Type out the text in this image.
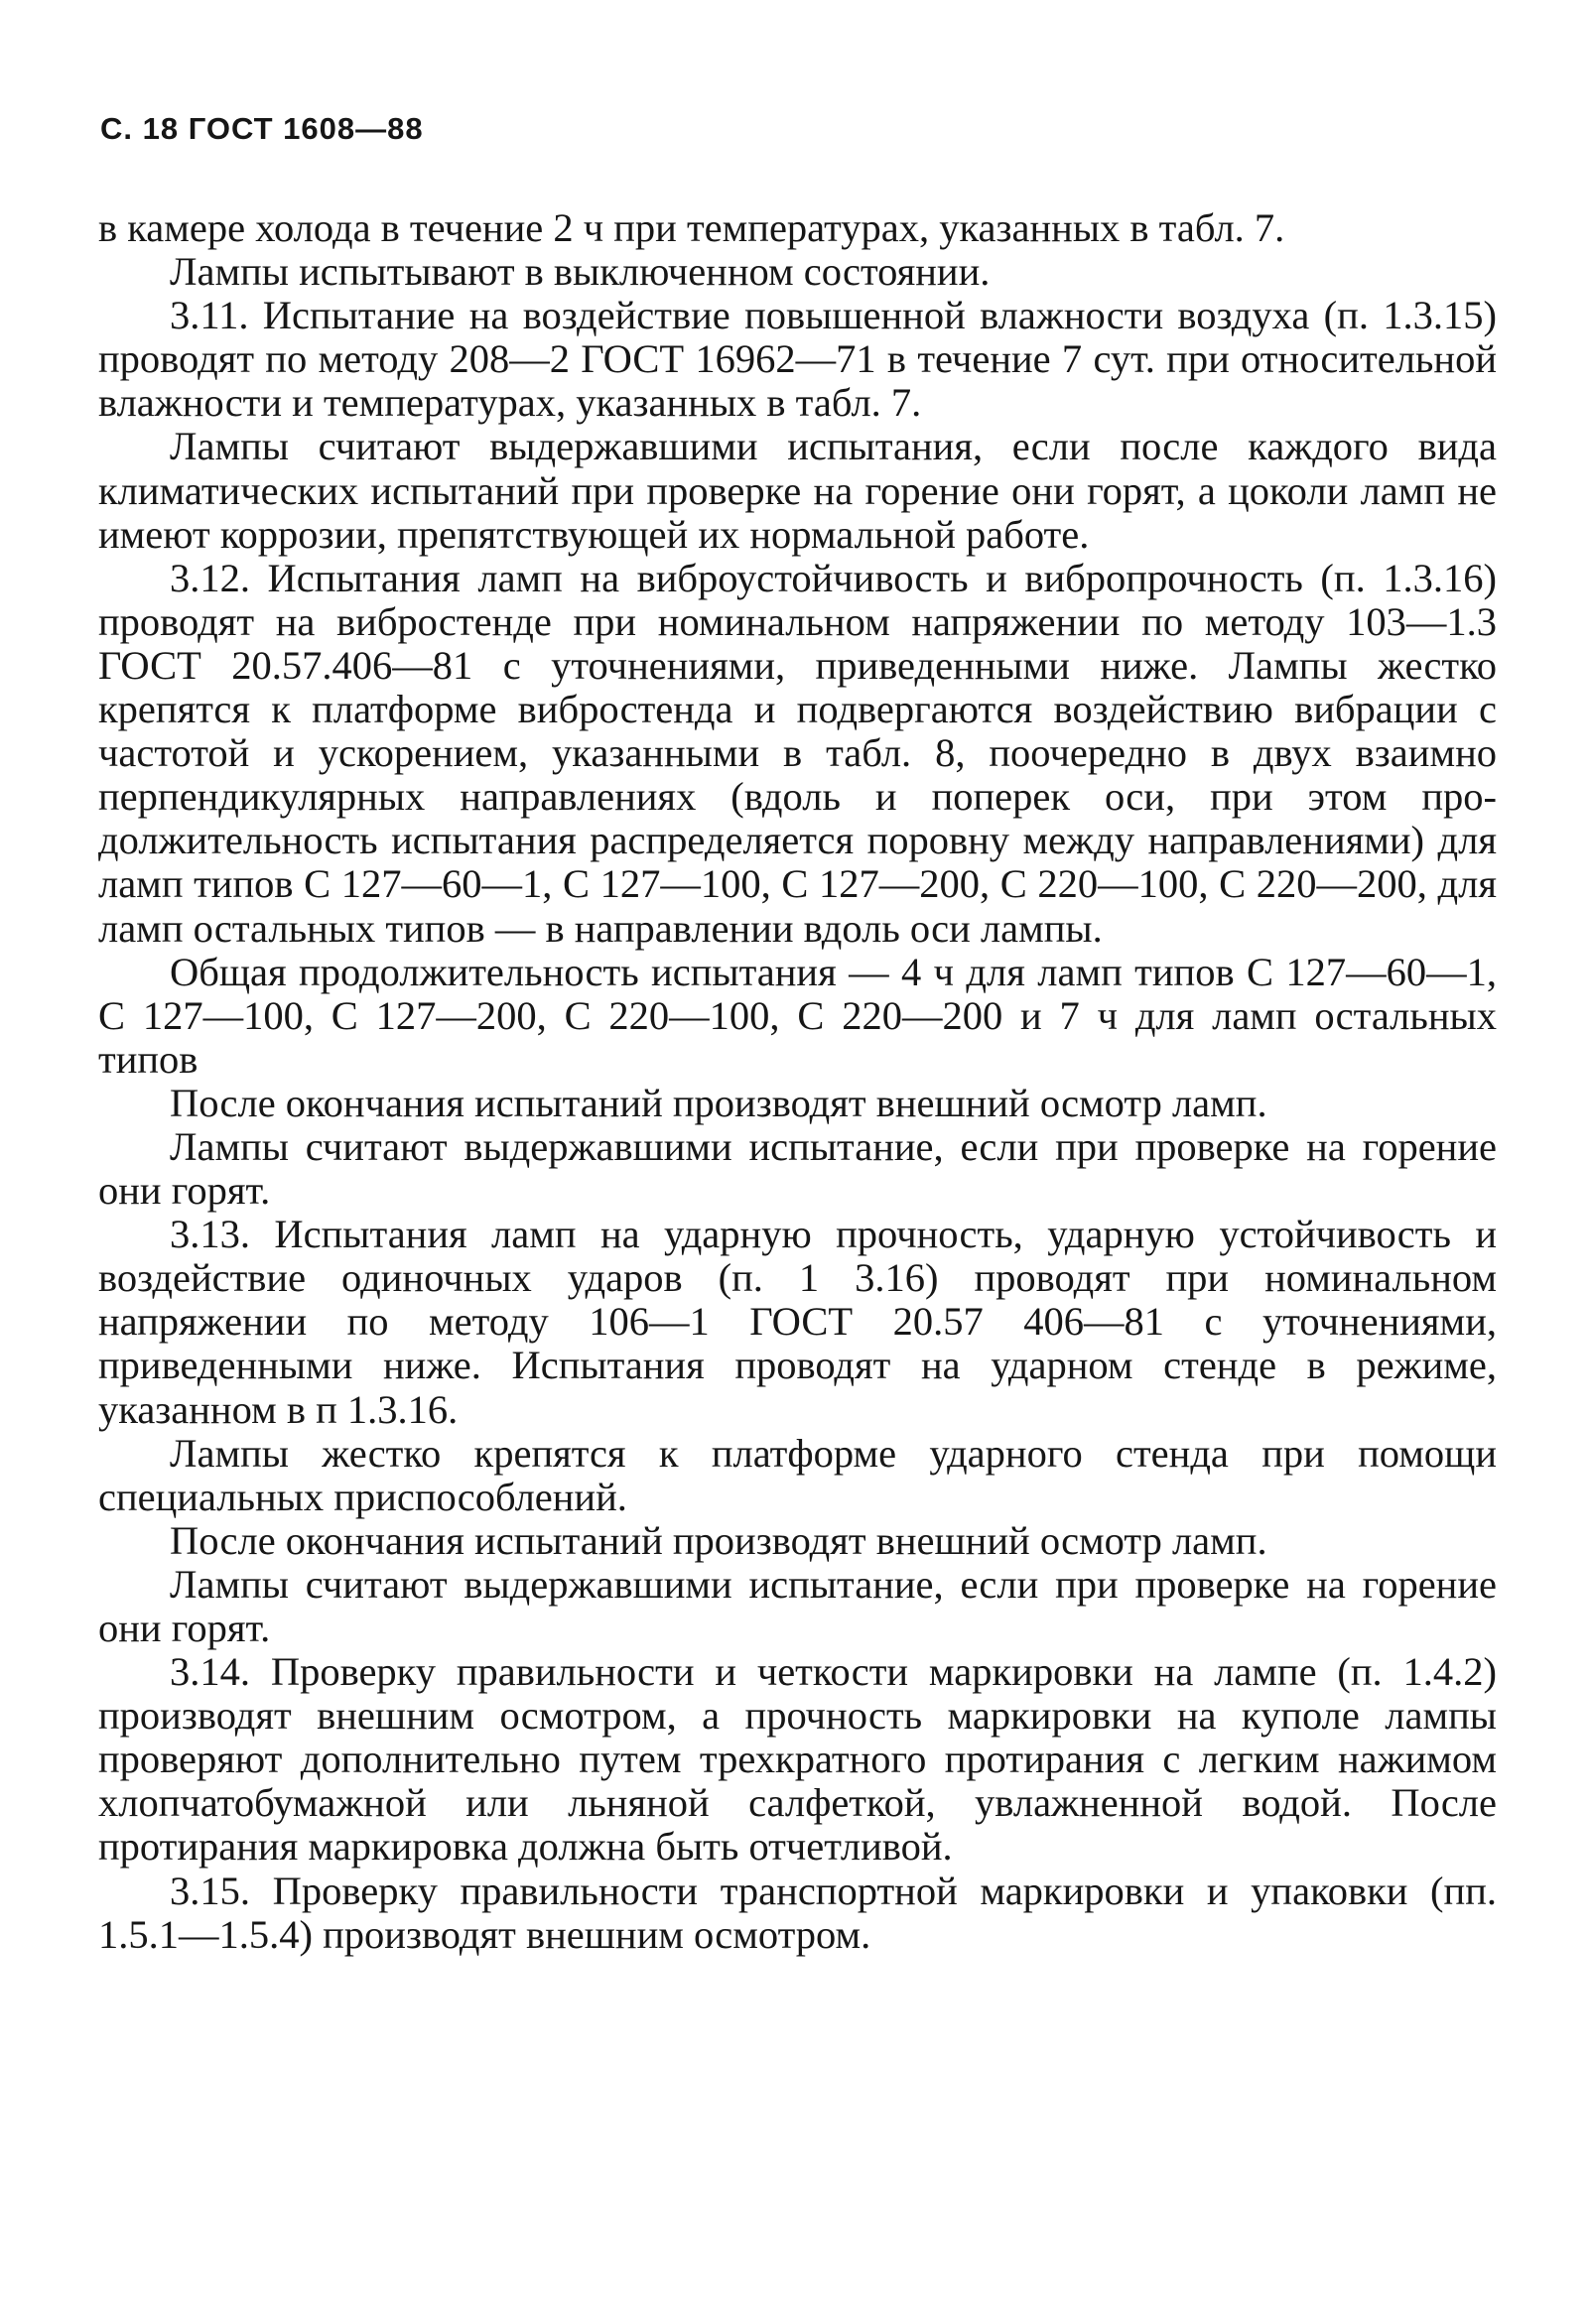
С. 18 ГОСТ 1608—88

в камере холода в течение 2 ч при температурах, указанных в табл. 7.

Лампы испытывают в выключенном состоянии.

3.11. Испытание на воздействие повышенной влажности воздуха (п. 1.3.15) проводят по методу 208—2 ГОСТ 16962—71 в течение 7 сут. при относительной влажности и температурах, указанных в табл. 7.

Лампы считают выдержавшими испытания, если после каждого вида климатических испытаний при проверке на горение они горят, а цоколи ламп не имеют коррозии, препятствующей их нормальной работе.

3.12. Испытания ламп на виброустойчивость и вибропрочность (п. 1.3.16) проводят на вибростенде при номинальном напряжении по методу 103—1.3 ГОСТ 20.57.406—81 с уточнениями, приведенными ниже. Лампы жестко крепятся к платформе вибростенда и подвергаются воздействию вибрации с частотой и ускорением, указанными в табл. 8, поочередно в двух взаимно перпендикулярных направлениях (вдоль и поперек оси, при этом продолжительность испытания распределяется поровну между направлениями) для ламп типов С 127—60—1, С 127—100, С 127—200, С 220—100, С 220—200, для ламп остальных типов — в направлении вдоль оси лампы.

Общая продолжительность испытания — 4 ч для ламп типов С 127—60—1, С 127—100, С 127—200, С 220—100, С 220—200 и 7 ч для ламп остальных типов

После окончания испытаний производят внешний осмотр ламп.

Лампы считают выдержавшими испытание, если при проверке на горение они горят.

3.13. Испытания ламп на ударную прочность, ударную устойчивость и воздействие одиночных ударов (п. 1 3.16) проводят при номинальном напряжении по методу 106—1 ГОСТ 20.57 406—81 с уточнениями, приведенными ниже. Испытания проводят на ударном стенде в режиме, указанном в п 1.3.16.

Лампы жестко крепятся к платформе ударного стенда при помощи специальных приспособлений.

После окончания испытаний производят внешний осмотр ламп.

Лампы считают выдержавшими испытание, если при проверке на горение они горят.

3.14. Проверку правильности и четкости маркировки на лампе (п. 1.4.2) производят внешним осмотром, а прочность маркировки на куполе лампы проверяют дополнительно путем трехкратного протирания с легким нажимом хлопчатобумажной или льняной салфеткой, увлажненной водой. После протирания маркировка должна быть отчетливой.

3.15. Проверку правильности транспортной маркировки и упаковки (пп. 1.5.1—1.5.4) производят внешним осмотром.
